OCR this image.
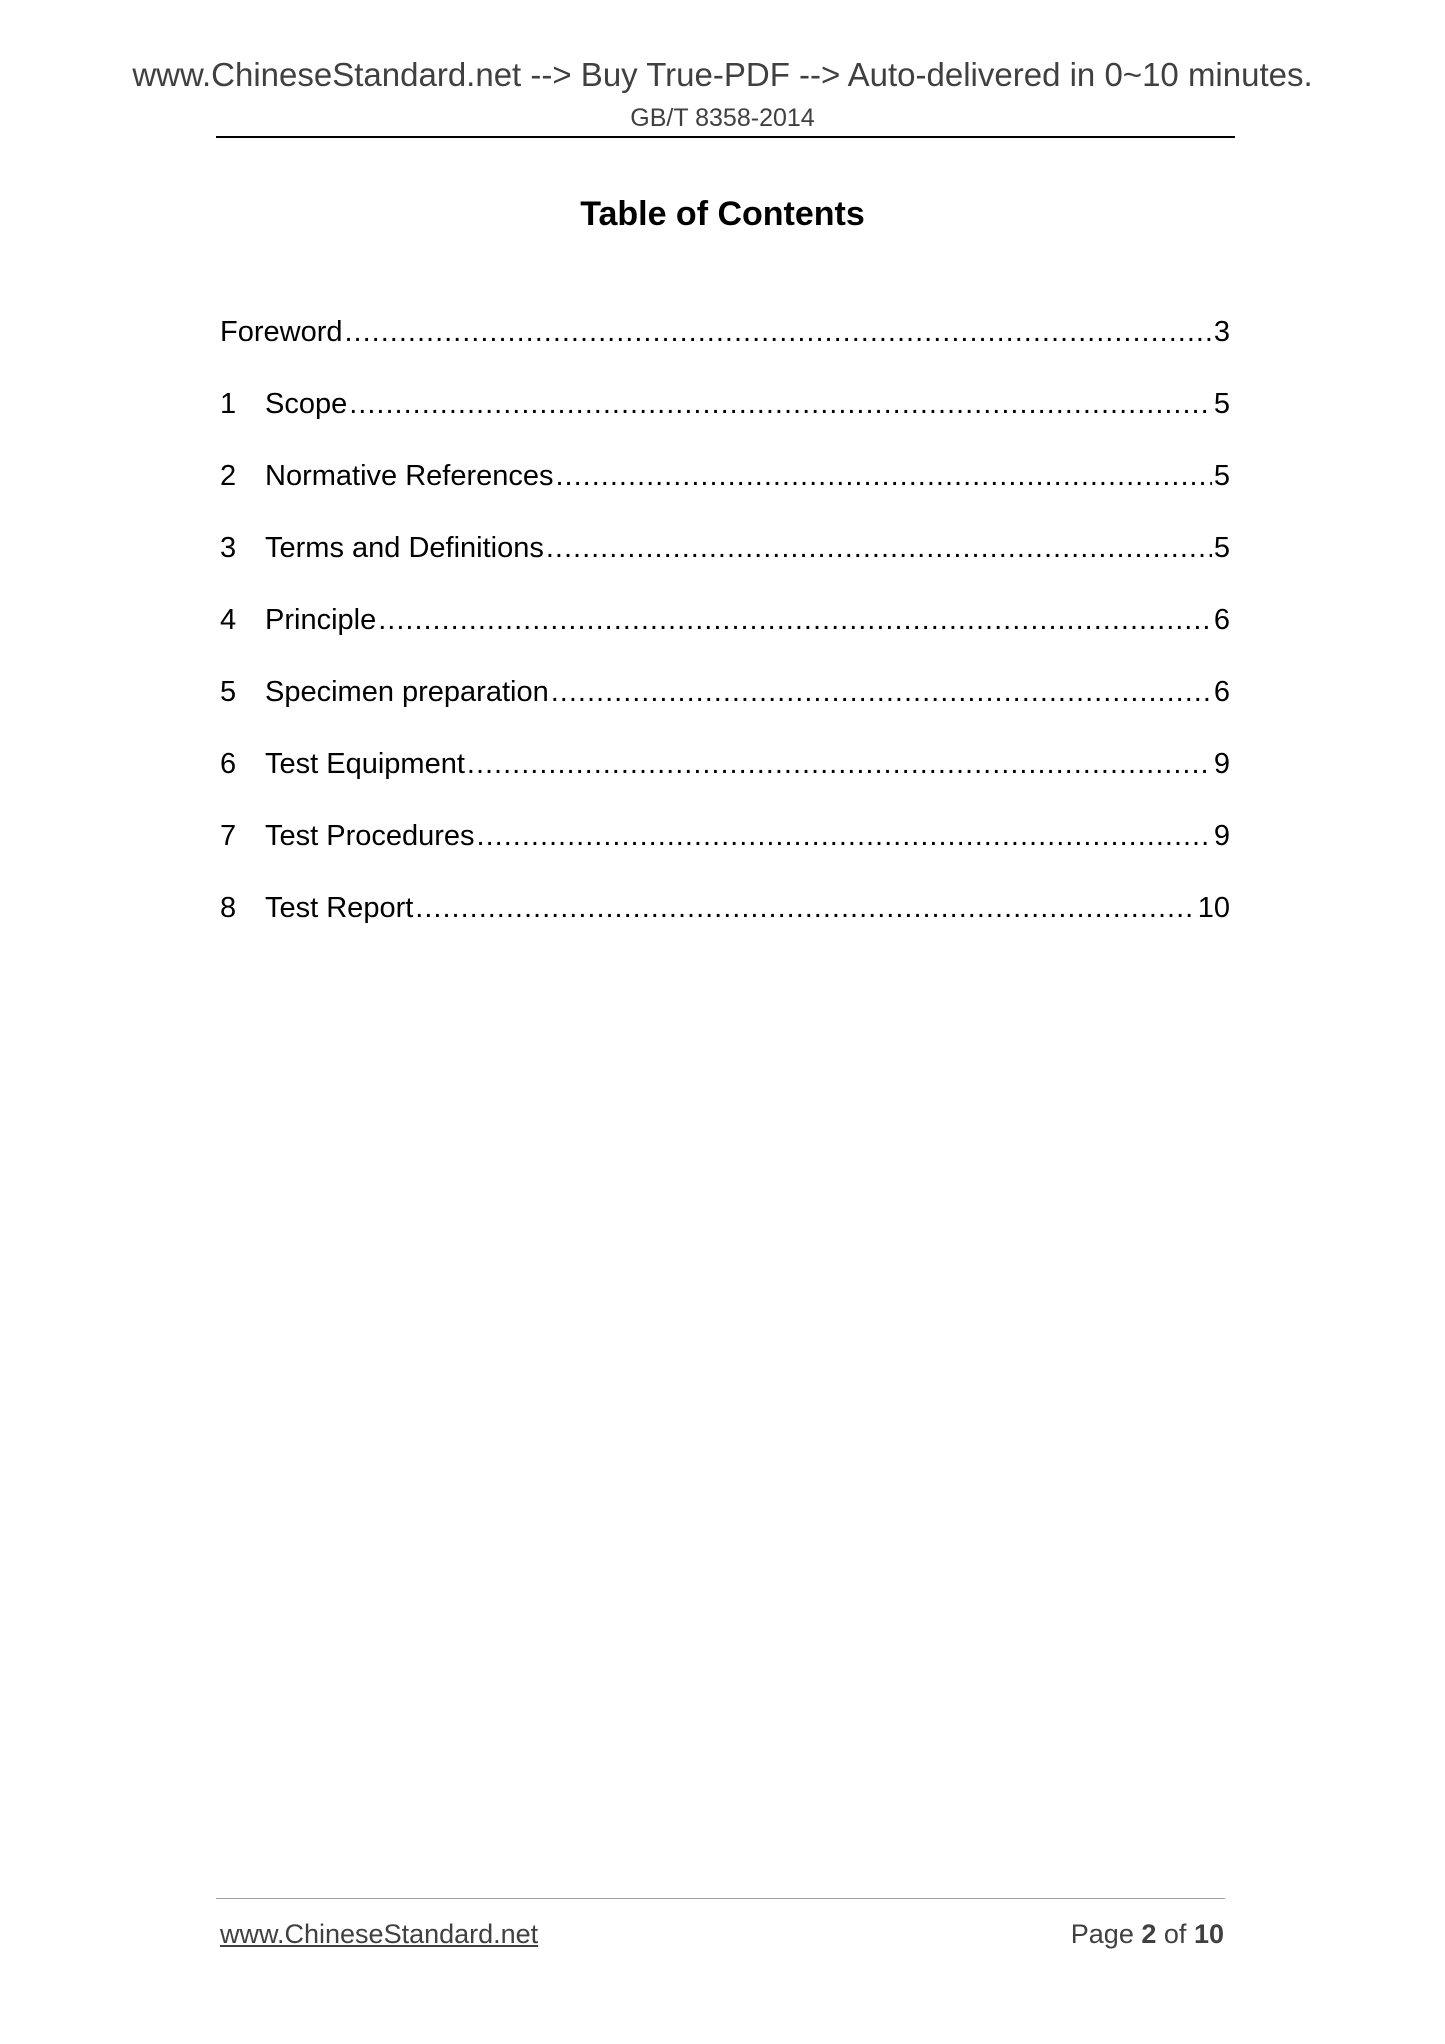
www.ChineseStandard.net --> Buy True-PDF --> Auto-delivered in 0~10 minutes.
GB/T 8358-2014
Table of Contents
Foreword .....	3
1 Scope .....	5
2 Normative References .....	5
3 Terms and Definitions .....	5
4 Principle .....	6
5 Specimen preparation .....	6
6 Test Equipment .....	9
7 Test Procedures .....	9
8 Test Report .....	10
www.ChineseStandard.net	Page 2 of 10
